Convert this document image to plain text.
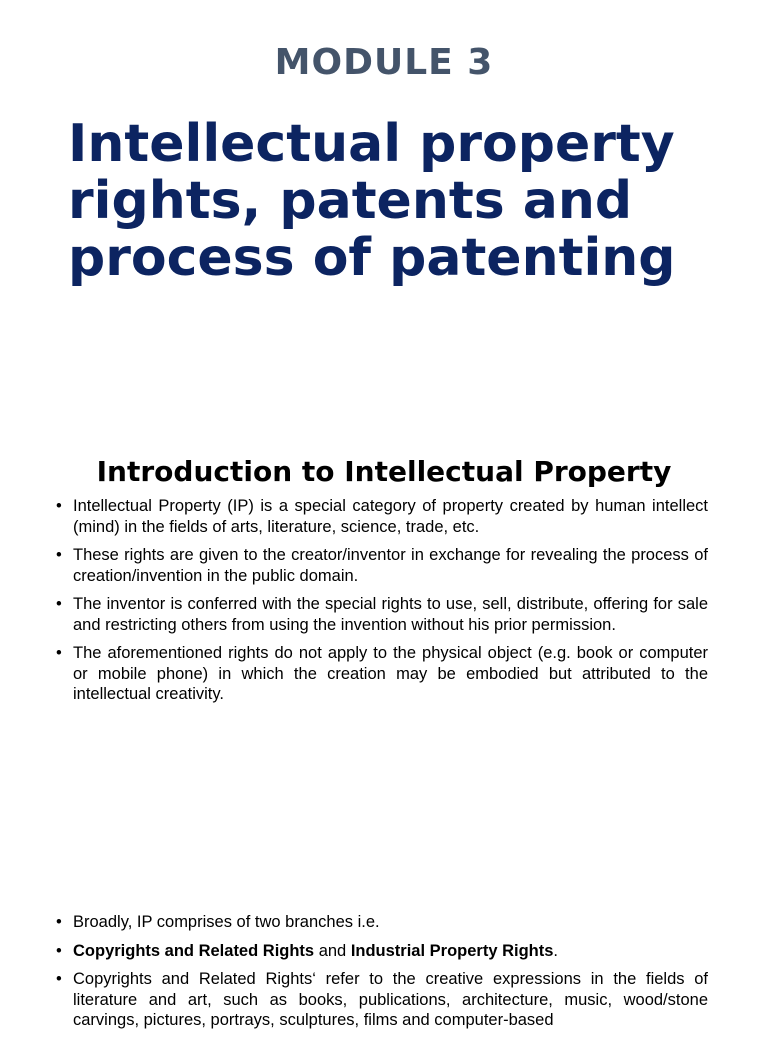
MODULE 3
Intellectual property rights, patents and process of patenting
Introduction to Intellectual Property
• Intellectual Property (IP) is a special category of property created by human intellect (mind) in the fields of arts, literature, science, trade, etc.
• These rights are given to the creator/inventor in exchange for revealing the process of creation/invention in the public domain.
• The inventor is conferred with the special rights to use, sell, distribute, offering for sale and restricting others from using the invention without his prior permission.
• The aforementioned rights do not apply to the physical object (e.g. book or computer or mobile phone) in which the creation may be embodied but attributed to the intellectual creativity.
• Broadly, IP comprises of two branches i.e.
• Copyrights and Related Rights and Industrial Property Rights.
• Copyrights and Related Rights‘ refer to the creative expressions in the fields of literature and art, such as books, publications, architecture, music, wood/stone carvings, pictures, portrays, sculptures, films and computer-based
